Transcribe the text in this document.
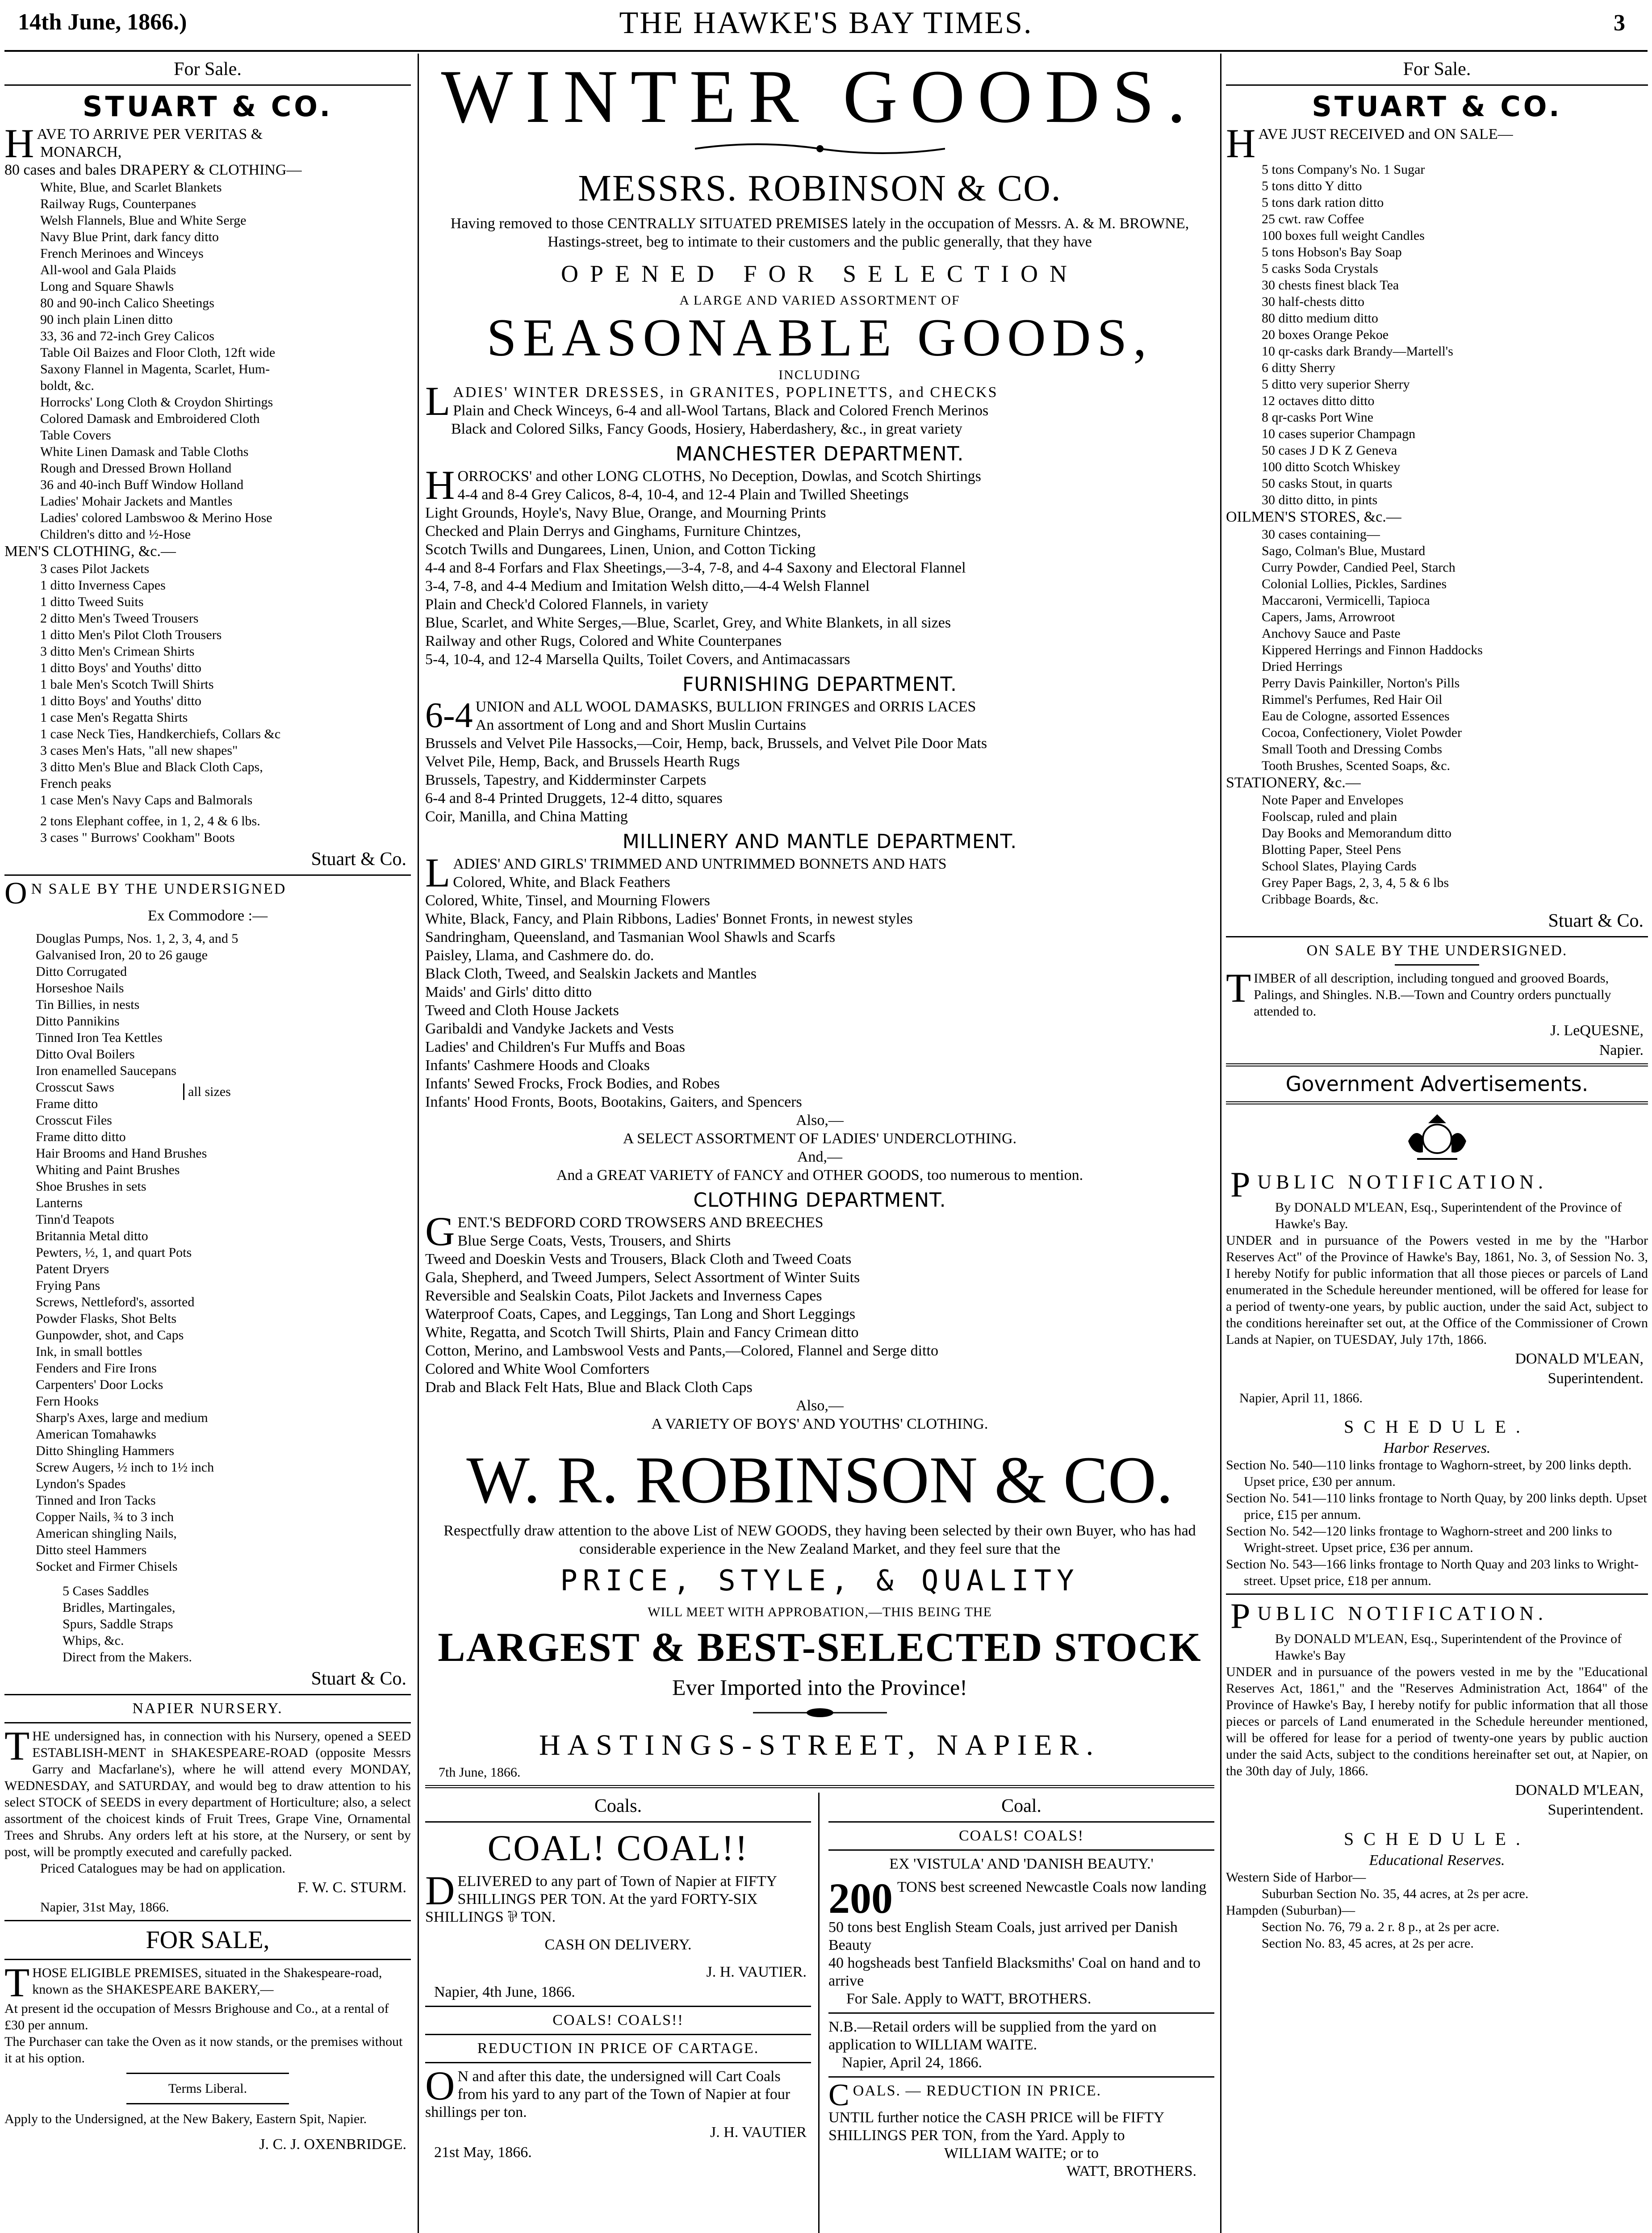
14th June, 1866.)	THE HAWKE'S BAY TIMES.	3
For Sale.
STUART & CO.
H AVE TO ARRIVE PER VERITAS &
MONARCH,
80 cases and bales DRAPERY & CLOTHING—
White, Blue, and Scarlet Blankets
Railway Rugs, Counterpanes
Welsh Flannels, Blue and White Serge
Navy Blue Print, dark fancy ditto
French Merinoes and Winceys
All-wool and Gala Plaids
Long and Square Shawls
80 and 90-inch Calico Sheetings
90 inch plain Linen ditto
33, 36 and 72-inch Grey Calicos
Table Oil Baizes and Floor Cloth, 12ft wide
Saxony Flannel in Magenta, Scarlet, Hum-
boldt, &c.
Horrocks' Long Cloth & Croydon Shirtings
Colored Damask and Embroidered Cloth
Table Covers
White Linen Damask and Table Cloths
Rough and Dressed Brown Holland
36 and 40-inch Buff Window Holland
Ladies' Mohair Jackets and Mantles
Ladies' colored Lambswoo & Merino Hose
Children's ditto and ½-Hose
MEN'S CLOTHING, &c.—
3 cases Pilot Jackets
1 ditto Inverness Capes
1 ditto Tweed Suits
2 ditto Men's Tweed Trousers
1 ditto Men's Pilot Cloth Trousers
3 ditto Men's Crimean Shirts
1 ditto Boys' and Youths' ditto
1 bale Men's Scotch Twill Shirts
1 ditto Boys' and Youths' ditto
1 case Men's Regatta Shirts
1 case Neck Ties, Handkerchiefs, Collars &c
3 cases Men's Hats, "all new shapes"
3 ditto Men's Blue and Black Cloth Caps,
French peaks
1 case Men's Navy Caps and Balmorals
2 tons Elephant coffee, in 1, 2, 4 & 6 lbs.
3 cases " Burrows' Cookham" Boots
Stuart & Co.
O N SALE BY THE UNDERSIGNED
Ex Commodore :—
Douglas Pumps, Nos. 1, 2, 3, 4, and 5
Galvanised Iron, 20 to 26 gauge
Ditto Corrugated
Horseshoe Nails
Tin Billies, in nests
Ditto Pannikins
Tinned Iron Tea Kettles
Ditto Oval Boilers
Iron enamelled Saucepans
all sizes
Crosscut Saws
Frame ditto
Crosscut Files
Frame ditto ditto
Hair Brooms and Hand Brushes
Whiting and Paint Brushes
Shoe Brushes in sets
Lanterns
Tinn'd Teapots
Britannia Metal ditto
Pewters, ½, 1, and quart Pots
Patent Dryers
Frying Pans
Screws, Nettleford's, assorted
Powder Flasks, Shot Belts
Gunpowder, shot, and Caps
Ink, in small bottles
Fenders and Fire Irons
Carpenters' Door Locks
Fern Hooks
Sharp's Axes, large and medium
American Tomahawks
Ditto Shingling Hammers
Screw Augers, ½ inch to 1½ inch
Lyndon's Spades
Tinned and Iron Tacks
Copper Nails, ¾ to 3 inch
American shingling Nails,
Ditto steel Hammers
Socket and Firmer Chisels
5 Cases Saddles
Bridles, Martingales,
Spurs, Saddle Straps
Whips, &c.
Direct from the Makers.
Stuart & Co.
NAPIER NURSERY.
THE undersigned has, in connection with his Nursery, opened a SEED ESTABLISH-MENT in SHAKESPEARE-ROAD (opposite Messrs Garry and Macfarlane's), where he will attend every MONDAY, WEDNESDAY, and SATURDAY, and would beg to draw attention to his select STOCK of SEEDS in every department of Horticulture; also, a select assortment of the choicest kinds of Fruit Trees, Grape Vine, Ornamental Trees and Shrubs. Any orders left at his store, at the Nursery, or sent by post, will be promptly executed and carefully packed.
Priced Catalogues may be had on application.
F. W. C. STURM.
Napier, 31st May, 1866.
FOR SALE,
THOSE ELIGIBLE PREMISES, situated in the Shakespeare-road, known as the SHAKESPEARE BAKERY,—
At present id the occupation of Messrs Brighouse and Co., at a rental of £30 per annum.
The Purchaser can take the Oven as it now stands, or the premises without it at his option.
Terms Liberal.
Apply to the Undersigned, at the New Bakery, Eastern Spit, Napier.
J. C. J. OXENBRIDGE.
WINTER GOODS.
MESSRS. ROBINSON & CO.
Having removed to those CENTRALLY SITUATED PREMISES lately in the occupation of Messrs. A. & M. BROWNE, Hastings-street, beg to intimate to their customers and the public generally, that they have
OPENED FOR SELECTION
A LARGE AND VARIED ASSORTMENT OF
SEASONABLE GOODS,
INCLUDING
L ADIES' WINTER DRESSES, in GRANITES, POPLINETTS, and CHECKS
Plain and Check Winceys, 6-4 and all-Wool Tartans, Black and Colored French Merinos
Black and Colored Silks, Fancy Goods, Hosiery, Haberdashery, &c., in great variety
MANCHESTER DEPARTMENT.
H ORROCKS' and other LONG CLOTHS, No Deception, Dowlas, and Scotch Shirtings
4-4 and 8-4 Grey Calicos, 8-4, 10-4, and 12-4 Plain and Twilled Sheetings
Light Grounds, Hoyle's, Navy Blue, Orange, and Mourning Prints
Checked and Plain Derrys and Ginghams, Furniture Chintzes,
Scotch Twills and Dungarees, Linen, Union, and Cotton Ticking
4-4 and 8-4 Forfars and Flax Sheetings,—3-4, 7-8, and 4-4 Saxony and Electoral Flannel
3-4, 7-8, and 4-4 Medium and Imitation Welsh ditto,—4-4 Welsh Flannel
Plain and Check'd Colored Flannels, in variety
Blue, Scarlet, and White Serges,—Blue, Scarlet, Grey, and White Blankets, in all sizes
Railway and other Rugs, Colored and White Counterpanes
5-4, 10-4, and 12-4 Marsella Quilts, Toilet Covers, and Antimacassars
FURNISHING DEPARTMENT.
6-4 UNION and ALL WOOL DAMASKS, BULLION FRINGES and ORRIS LACES
An assortment of Long and and Short Muslin Curtains
Brussels and Velvet Pile Hassocks,—Coir, Hemp, back, Brussels, and Velvet Pile Door Mats
Velvet Pile, Hemp, Back, and Brussels Hearth Rugs
Brussels, Tapestry, and Kidderminster Carpets
6-4 and 8-4 Printed Druggets, 12-4 ditto, squares
Coir, Manilla, and China Matting
MILLINERY AND MANTLE DEPARTMENT.
L ADIES' AND GIRLS' TRIMMED AND UNTRIMMED BONNETS AND HATS
Colored, White, and Black Feathers
Colored, White, Tinsel, and Mourning Flowers
White, Black, Fancy, and Plain Ribbons, Ladies' Bonnet Fronts, in newest styles
Sandringham, Queensland, and Tasmanian Wool Shawls and Scarfs
Paisley, Llama, and Cashmere do. do.
Black Cloth, Tweed, and Sealskin Jackets and Mantles
Maids' and Girls' ditto ditto
Tweed and Cloth House Jackets
Garibaldi and Vandyke Jackets and Vests
Ladies' and Children's Fur Muffs and Boas
Infants' Cashmere Hoods and Cloaks
Infants' Sewed Frocks, Frock Bodies, and Robes
Infants' Hood Fronts, Boots, Bootakins, Gaiters, and Spencers
Also,—
A SELECT ASSORTMENT OF LADIES' UNDERCLOTHING.
And,—
And a GREAT VARIETY of FANCY and OTHER GOODS, too numerous to mention.
CLOTHING DEPARTMENT.
G ENT.'S BEDFORD CORD TROWSERS AND BREECHES
Blue Serge Coats, Vests, Trousers, and Shirts
Tweed and Doeskin Vests and Trousers, Black Cloth and Tweed Coats
Gala, Shepherd, and Tweed Jumpers, Select Assortment of Winter Suits
Reversible and Sealskin Coats, Pilot Jackets and Inverness Capes
Waterproof Coats, Capes, and Leggings, Tan Long and Short Leggings
White, Regatta, and Scotch Twill Shirts, Plain and Fancy Crimean ditto
Cotton, Merino, and Lambswool Vests and Pants,—Colored, Flannel and Serge ditto
Colored and White Wool Comforters
Drab and Black Felt Hats, Blue and Black Cloth Caps
Also,—
A VARIETY OF BOYS' AND YOUTHS' CLOTHING.
W. R. ROBINSON & CO.
Respectfully draw attention to the above List of NEW GOODS, they having been selected by their own Buyer, who has had considerable experience in the New Zealand Market, and they feel sure that the
PRICE, STYLE, & QUALITY
WILL MEET WITH APPROBATION,—THIS BEING THE
LARGEST & BEST-SELECTED STOCK
Ever Imported into the Province!
HASTINGS-STREET, NAPIER.
7th June, 1866.
Coals.
COAL! COAL!!
DELIVERED to any part of Town of Napier at FIFTY SHILLINGS PER TON. At the yard FORTY-SIX SHILLINGS ⅌ TON.
CASH ON DELIVERY.
J. H. VAUTIER.
Napier, 4th June, 1866.
COALS! COALS!!
REDUCTION IN PRICE OF CARTAGE.
O N and after this date, the undersigned will Cart Coals from his yard to any part of the Town of Napier at four shillings per ton.
J. H. VAUTIER
21st May, 1866.
Coal.
COALS! COALS!
EX 'VISTULA' AND 'DANISH BEAUTY.'
200 TONS best screened Newcastle Coals now landing
50 tons best English Steam Coals, just arrived per Danish Beauty
40 hogsheads best Tanfield Blacksmiths' Coal on hand and to arrive
For Sale. Apply to WATT, BROTHERS.
N.B.—Retail orders will be supplied from the yard on application to WILLIAM WAITE.
Napier, April 24, 1866.
COALS. — REDUCTION IN PRICE.
UNTIL further notice the CASH PRICE will be FIFTY SHILLINGS PER TON, from the Yard. Apply to
WILLIAM WAITE; or to
WATT, BROTHERS.
For Sale.
STUART & CO.
HAVE JUST RECEIVED and ON SALE—
5 tons Company's No. 1 Sugar
5 tons ditto Y ditto
5 tons dark ration ditto
25 cwt. raw Coffee
100 boxes full weight Candles
5 tons Hobson's Bay Soap
5 casks Soda Crystals
30 chests finest black Tea
30 half-chests ditto
80 ditto medium ditto
20 boxes Orange Pekoe
10 qr-casks dark Brandy—Martell's
6 ditty Sherry
5 ditto very superior Sherry
12 octaves ditto ditto
8 qr-casks Port Wine
10 cases superior Champagn
50 cases J D K Z Geneva
100 ditto Scotch Whiskey
50 casks Stout, in quarts
30 ditto ditto, in pints
OILMEN'S STORES, &c.—
30 cases containing—
Sago, Colman's Blue, Mustard
Curry Powder, Candied Peel, Starch
Colonial Lollies, Pickles, Sardines
Maccaroni, Vermicelli, Tapioca
Capers, Jams, Arrowroot
Anchovy Sauce and Paste
Kippered Herrings and Finnon Haddocks
Dried Herrings
Perry Davis Painkiller, Norton's Pills
Rimmel's Perfumes, Red Hair Oil
Eau de Cologne, assorted Essences
Cocoa, Confectionery, Violet Powder
Small Tooth and Dressing Combs
Tooth Brushes, Scented Soaps, &c.
STATIONERY, &c.—
Note Paper and Envelopes
Foolscap, ruled and plain
Day Books and Memorandum ditto
Blotting Paper, Steel Pens
School Slates, Playing Cards
Grey Paper Bags, 2, 3, 4, 5 & 6 lbs
Cribbage Boards, &c.
Stuart & Co.
ON SALE BY THE UNDERSIGNED.
TIMBER of all description, including tongued and grooved Boards, Palings, and Shingles. N.B.—Town and Country orders punctually attended to.
J. LeQUESNE,
Napier.
Government Advertisements.
PUBLIC NOTIFICATION.
By DONALD M'LEAN, Esq., Superintendent of the Province of Hawke's Bay.
UNDER and in pursuance of the Powers vested in me by the "Harbor Reserves Act" of the Province of Hawke's Bay, 1861, No. 3, of Session No. 3, I hereby Notify for public information that all those pieces or parcels of Land enumerated in the Schedule hereunder mentioned, will be offered for lease for a period of twenty-one years, by public auction, under the said Act, subject to the conditions hereinafter set out, at the Office of the Commissioner of Crown Lands at Napier, on TUESDAY, July 17th, 1866.
DONALD M'LEAN,
Superintendent.
Napier, April 11, 1866.
SCHEDULE.
Harbor Reserves.
Section No. 540—110 links frontage to Waghorn-street, by 200 links depth. Upset price, £30 per annum.
Section No. 541—110 links frontage to North Quay, by 200 links depth. Upset price, £15 per annum.
Section No. 542—120 links frontage to Waghorn-street and 200 links to Wright-street. Upset price, £36 per annum.
Section No. 543—166 links frontage to North Quay and 203 links to Wright-street. Upset price, £18 per annum.
PUBLIC NOTIFICATION.
By DONALD M'LEAN, Esq., Superintendent of the Province of Hawke's Bay
UNDER and in pursuance of the powers vested in me by the "Educational Reserves Act, 1861," and the "Reserves Administration Act, 1864" of the Province of Hawke's Bay, I hereby notify for public information that all those pieces or parcels of Land enumerated in the Schedule hereunder mentioned, will be offered for lease for a period of twenty-one years by public auction under the said Acts, subject to the conditions hereinafter set out, at Napier, on the 30th day of July, 1866.
DONALD M'LEAN,
Superintendent.
SCHEDULE.
Educational Reserves.
Western Side of Harbor—
Suburban Section No. 35, 44 acres, at 2s per acre.
Hampden (Suburban)—
Section No. 76, 79 a. 2 r. 8 p., at 2s per acre.
Section No. 83, 45 acres, at 2s per acre.
